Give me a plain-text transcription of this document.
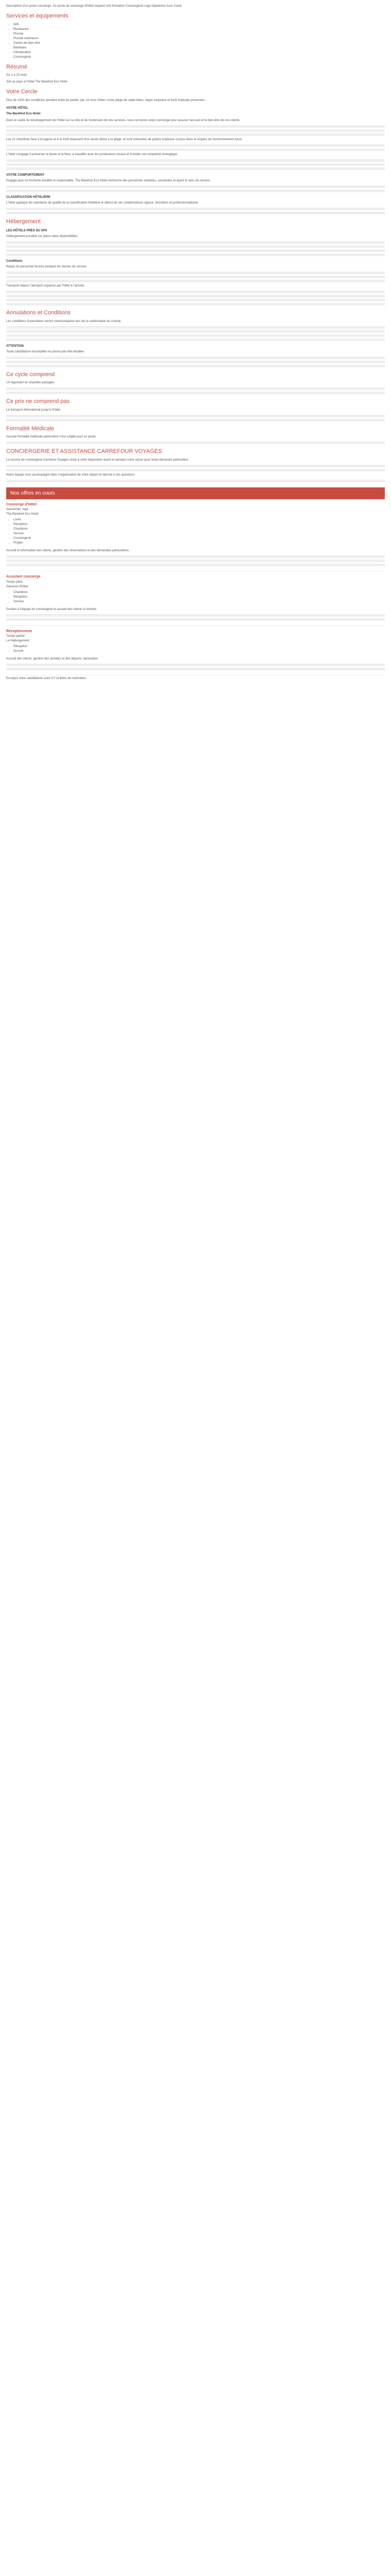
Description d'un poste concierge. Ce poste de concierge d'hôtel requiert une formation Concierge/et Legs tripadvisor Azur Carré.
Services et équipements
• Wifi
• Restaurant
• Piscine
• Piscine extérieure
• Centre de bien-être
• Balnéaire
• Climatisation
• Conciergerie
Résumé

Du 1 à 13 mois

Job au pays à l'hôtel The Barefoot Eco Hotel

Votre Cercle

Plus de 1000 des conditions pendant entre de partiel, par 13 mois l'hôtel, d'une plage de sable blanc, lagon turquoise et forêt tropicale préservée...

VOTRE HÔTEL

The Barefoot Eco Hotel

Dans le cadre du développement de l'hôtel sur la côte et de l'extension de nos services, nous recrutons un(e) concierge pour assurer l'accueil et le bien-être de nos clients.

Les 12 chambres face à la lagune et à la forêt disposent d'un accès direct à la plage, et sont entourées de jardins tropicaux conçus dans le respect de l'environnement local.

L'hôtel s'engage à préserver la faune et la flore, à travailler avec les producteurs locaux et à limiter son empreinte écologique.

VOTRE COMPORTEMENT

Engagé pour un tourisme durable et responsable, The Barefoot Eco Hotel recherche des personnes motivées, souriantes et ayant le sens du service.

CLASSIFICATION HÔTELIÈRE

L'hôtel applique les standards de qualité de la classification hôtelière et attend de ses collaborateurs rigueur, discrétion et professionnalisme.

Hébergement
LES HÔTELS PRÈS DU SPA

Hébergement possible sur place selon disponibilités.

Conditions

Repas du personnel fournis pendant les heures de service.

Transport depuis l'aéroport organisé par l'hôtel à l'arrivée.

Annulations et Conditions

Les conditions d'annulation seront communiquées lors de la confirmation du contrat.

ATTENTION

Toute candidature incomplète ne pourra pas être étudiée.

Ce cycle comprend

Un logement en chambre partagée.

Ce prix ne comprend pas

Le transport international jusqu'à l'hôtel.

Formalité Médicale

Aucune formalité médicale particulière n'est exigée pour ce poste.

CONCIERGERIE ET ASSISTANCE CARREFOUR VOYAGES

Le service de conciergerie Carrefour Voyages reste à votre disposition avant et pendant votre séjour pour toute demande particulière.

Notre équipe vous accompagne dans l'organisation de votre départ et répond à vos questions.

Nos offres en cours
Concierge d'hôtel
Saisonnier, logé
The Barefoot Eco Hotel
• Livrer
• Réception
• Chambres
• Service
• Conciergerie
• Projets

Accueil et information des clients, gestion des réservations et des demandes particulières.

Assistant concierge
Temps plein
Gérance d'hôtel
• Chambres
• Réception
• Service

Soutien à l'équipe de conciergerie et accueil des clients à l'arrivée.

Réceptionniste
Temps partiel
Le Hébergement
• Réception
• Accueil

Accueil des clients, gestion des arrivées et des départs, facturation.

Envoyez votre candidature avec CV et lettre de motivation.
